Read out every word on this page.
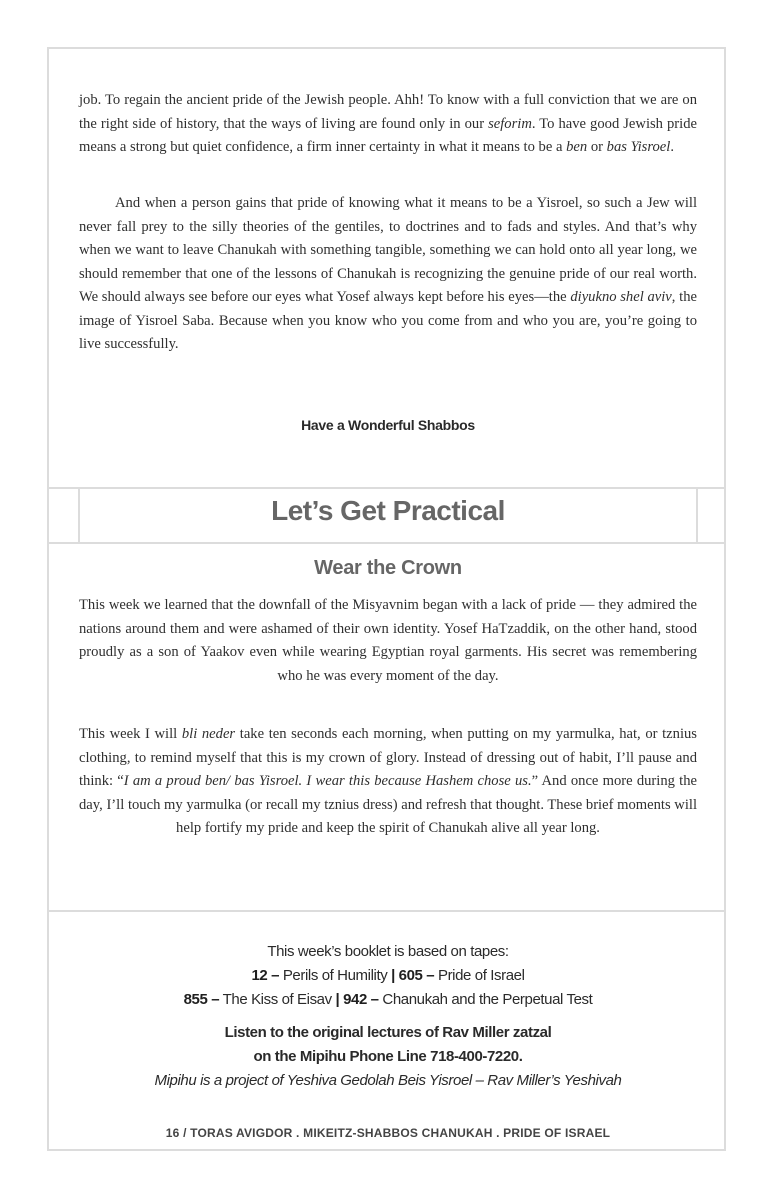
job. To regain the ancient pride of the Jewish people. Ahh! To know with a full conviction that we are on the right side of history, that the ways of living are found only in our seforim. To have good Jewish pride means a strong but quiet confidence, a firm inner certainty in what it means to be a ben or bas Yisroel.

And when a person gains that pride of knowing what it means to be a Yisroel, so such a Jew will never fall prey to the silly theories of the gentiles, to doctrines and to fads and styles. And that’s why when we want to leave Chanukah with something tangible, something we can hold onto all year long, we should remember that one of the lessons of Chanukah is recognizing the genuine pride of our real worth. We should always see before our eyes what Yosef always kept before his eyes—the diyukno shel aviv, the image of Yisroel Saba. Because when you know who you come from and who you are, you’re going to live successfully.

Have a Wonderful Shabbos
Let’s Get Practical
Wear the Crown

This week we learned that the downfall of the Misyavnim began with a lack of pride — they admired the nations around them and were ashamed of their own identity. Yosef HaTzaddik, on the other hand, stood proudly as a son of Yaakov even while wearing Egyptian royal garments. His secret was remembering who he was every moment of the day.

This week I will bli neder take ten seconds each morning, when putting on my yarmulka, hat, or tznius clothing, to remind myself that this is my crown of glory. Instead of dressing out of habit, I’ll pause and think: “I am a proud ben/ bas Yisroel. I wear this because Hashem chose us.” And once more during the day, I’ll touch my yarmulka (or recall my tznius dress) and refresh that thought. These brief moments will help fortify my pride and keep the spirit of Chanukah alive all year long.

This week’s booklet is based on tapes:
12 – Perils of Humility | 605 – Pride of Israel
855 – The Kiss of Eisav | 942 – Chanukah and the Perpetual Test
Listen to the original lectures of Rav Miller zatzal
on the Mipihu Phone Line 718-400-7220.
Mipihu is a project of Yeshiva Gedolah Beis Yisroel – Rav Miller’s Yeshivah
16 / TORAS AVIGDOR . MIKEITZ-SHABBOS CHANUKAH . PRIDE OF ISRAEL
